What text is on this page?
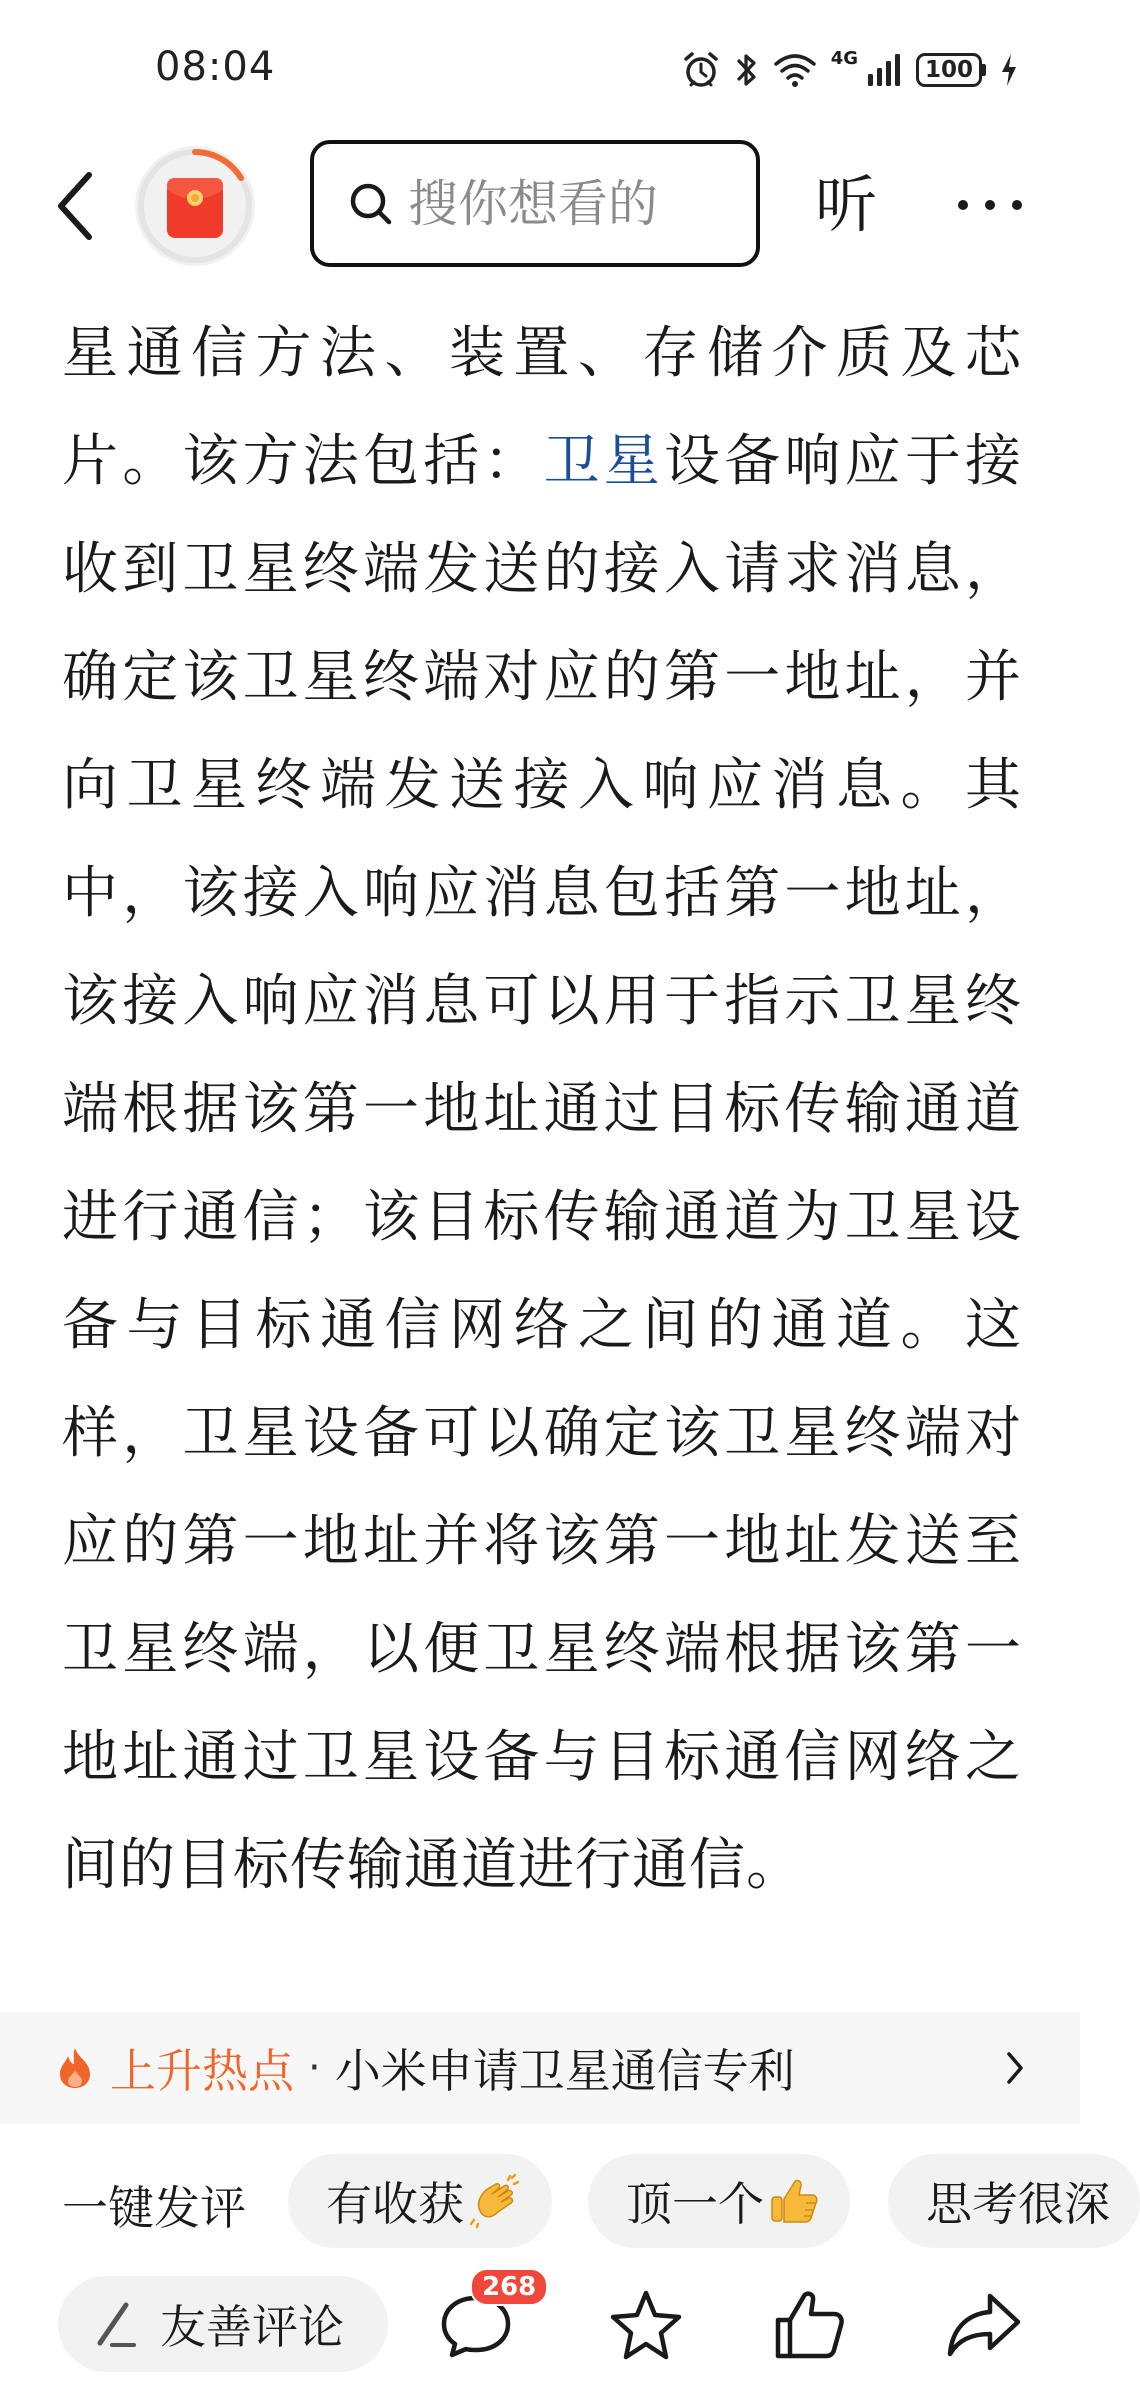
08:04	4G	100
搜你想看的
听
星通信方法、装置、存储介质及芯片。该方法包括：卫星设备响应于接收到卫星终端发送的接入请求消息，确定该卫星终端对应的第一地址，并向卫星终端发送接入响应消息。其中，该接入响应消息包括第一地址，该接入响应消息可以用于指示卫星终端根据该第一地址通过目标传输通道进行通信；该目标传输通道为卫星设备与目标通信网络之间的通道。这样，卫星设备可以确定该卫星终端对应的第一地址并将该第一地址发送至卫星终端，以便卫星终端根据该第一地址通过卫星设备与目标通信网络之间的目标传输通道进行通信。
上升热点 · 小米申请卫星通信专利
一键发评 有收获	顶一个	思考很深
友善评论
268
